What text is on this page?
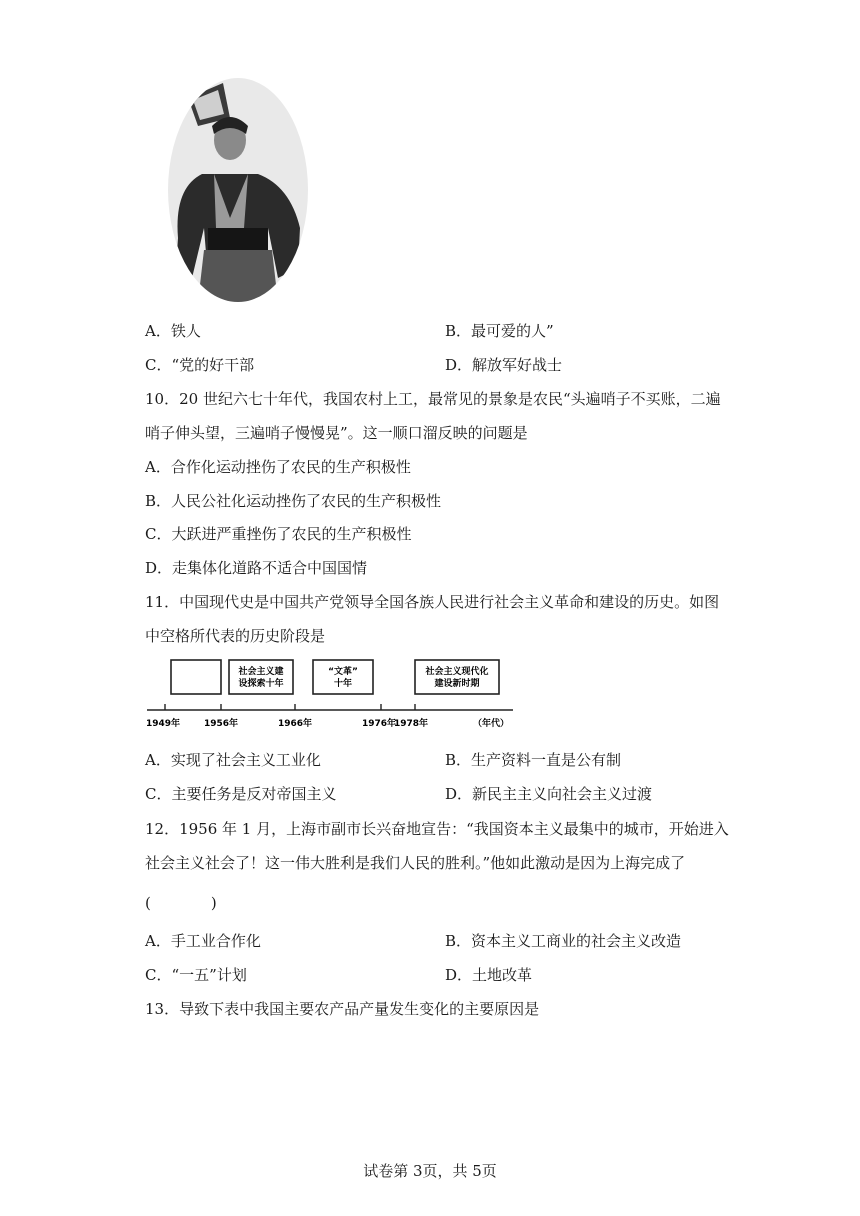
A．铁人	B．最可爱的人”
C．“党的好干部	D．解放军好战士
10．20 世纪六七十年代，我国农村上工，最常见的景象是农民“头遍哨子不买账，二遍
哨子伸头望，三遍哨子慢慢晃”。这一顺口溜反映的问题是
A．合作化运动挫伤了农民的生产积极性
B．人民公社化运动挫伤了农民的生产积极性
C．大跃进严重挫伤了农民的生产积极性
D．走集体化道路不适合中国国情
11．中国现代史是中国共产党领导全国各族人民进行社会主义革命和建设的历史。如图
中空格所代表的历史阶段是
社会主义建
设探索十年
“文革”
十年
社会主义现代化
建设新时期
1949年	1956年	1966年	1976年
1978年	（年代）
A．实现了社会主义工业化	B．生产资料一直是公有制
C．主要任务是反对帝国主义	D．新民主主义向社会主义过渡
12．1956 年 1 月，上海市副市长兴奋地宣告：“我国资本主义最集中的城市，开始进入
社会主义社会了！这一伟大胜利是我们人民的胜利。”他如此激动是因为上海完成了
(　　　　)
A．手工业合作化	B．资本主义工商业的社会主义改造
C．“一五”计划	D．土地改革
13．导致下表中我国主要农产品产量发生变化的主要原因是
试卷第 3页，共 5页
